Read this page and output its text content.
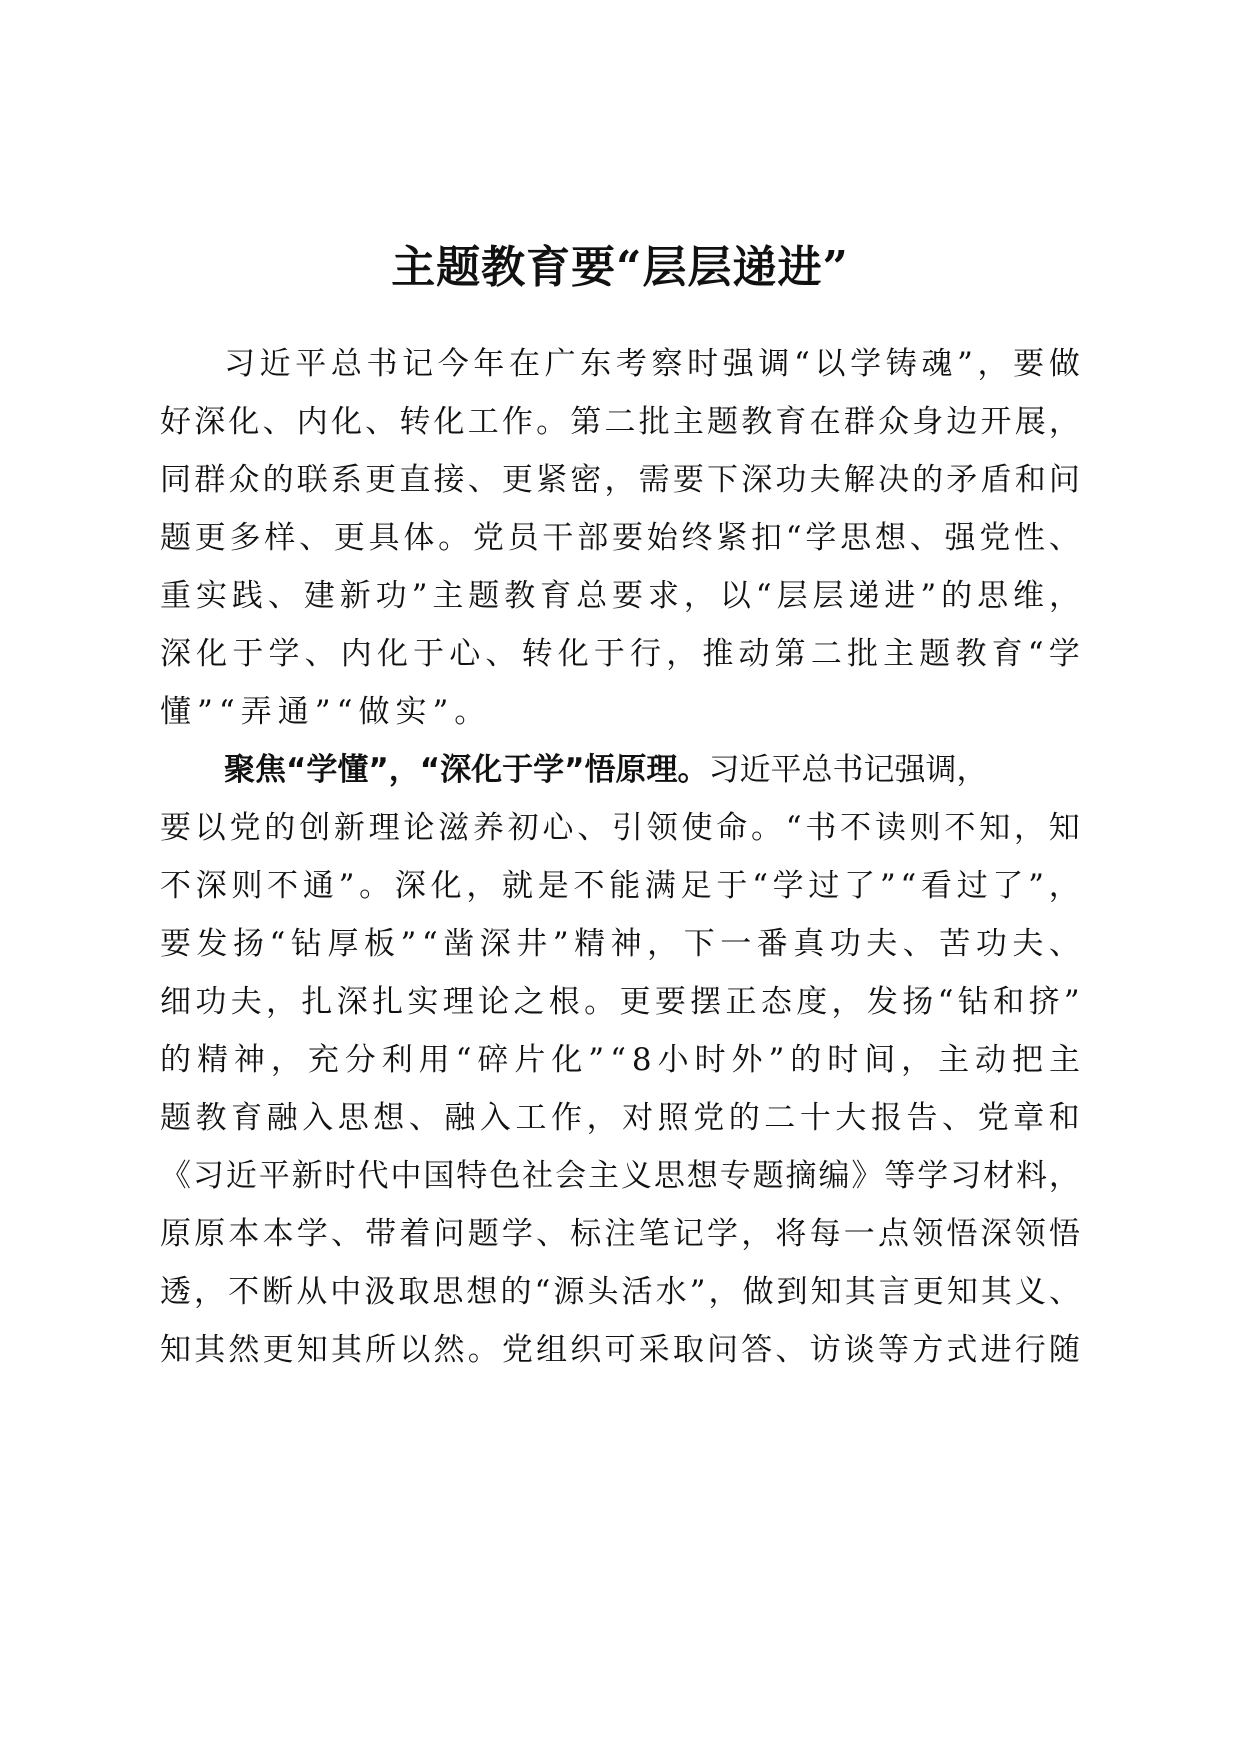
主题教育要“层层递进”
习 近 平 总 书 记 今 年 在 广 东 考 察 时 强 调 “ 以 学 铸 魂 ” ， 要 做
好 深 化 、 内 化 、 转 化 工 作 。 第 二 批 主 题 教 育 在 群 众 身 边 开 展 ，
同 群 众 的 联 系 更 直 接 、 更 紧 密 ， 需 要 下 深 功 夫 解 决 的 矛 盾 和 问
题 更 多 样 、 更 具 体 。 党 员 干 部 要 始 终 紧 扣 “ 学 思 想 、 强 党 性 、
重 实 践 、 建 新 功 ” 主 题 教 育 总 要 求 ， 以 “ 层 层 递 进 ” 的 思 维 ，
深 化 于 学 、 内 化 于 心 、 转 化 于 行 ， 推 动 第 二 批 主 题 教 育 “ 学
懂 ” “ 弄 通 ” “ 做 实 ” 。
聚焦“学懂”，“深化于学”悟原理。 习近平总书记强调，
要 以 党 的 创 新 理 论 滋 养 初 心 、 引 领 使 命 。 “ 书 不 读 则 不 知 ， 知
不 深 则 不 通 ” 。 深 化 ， 就 是 不 能 满 足 于 “ 学 过 了 ” “ 看 过 了 ” ，
要 发 扬 “ 钻 厚 板 ” “ 凿 深 井 ” 精 神 ， 下 一 番 真 功 夫 、 苦 功 夫 、
细 功 夫 ， 扎 深 扎 实 理 论 之 根 。 更 要 摆 正 态 度 ， 发 扬 “ 钻 和 挤 ”
的 精 神 ， 充 分 利 用 “ 碎 片 化 ” “ 8 小 时 外 ” 的 时 间 ， 主 动 把 主
题 教 育 融 入 思 想 、 融 入 工 作 ， 对 照 党 的 二 十 大 报 告 、 党 章 和
《 习 近 平 新 时 代 中 国 特 色 社 会 主 义 思 想 专 题 摘 编 》 等 学 习 材 料 ，
原 原 本 本 学 、 带 着 问 题 学 、 标 注 笔 记 学 ， 将 每 一 点 领 悟 深 领 悟
透 ， 不 断 从 中 汲 取 思 想 的 “ 源 头 活 水 ” ， 做 到 知 其 言 更 知 其 义 、
知 其 然 更 知 其 所 以 然 。 党 组 织 可 采 取 问 答 、 访 谈 等 方 式 进 行 随
